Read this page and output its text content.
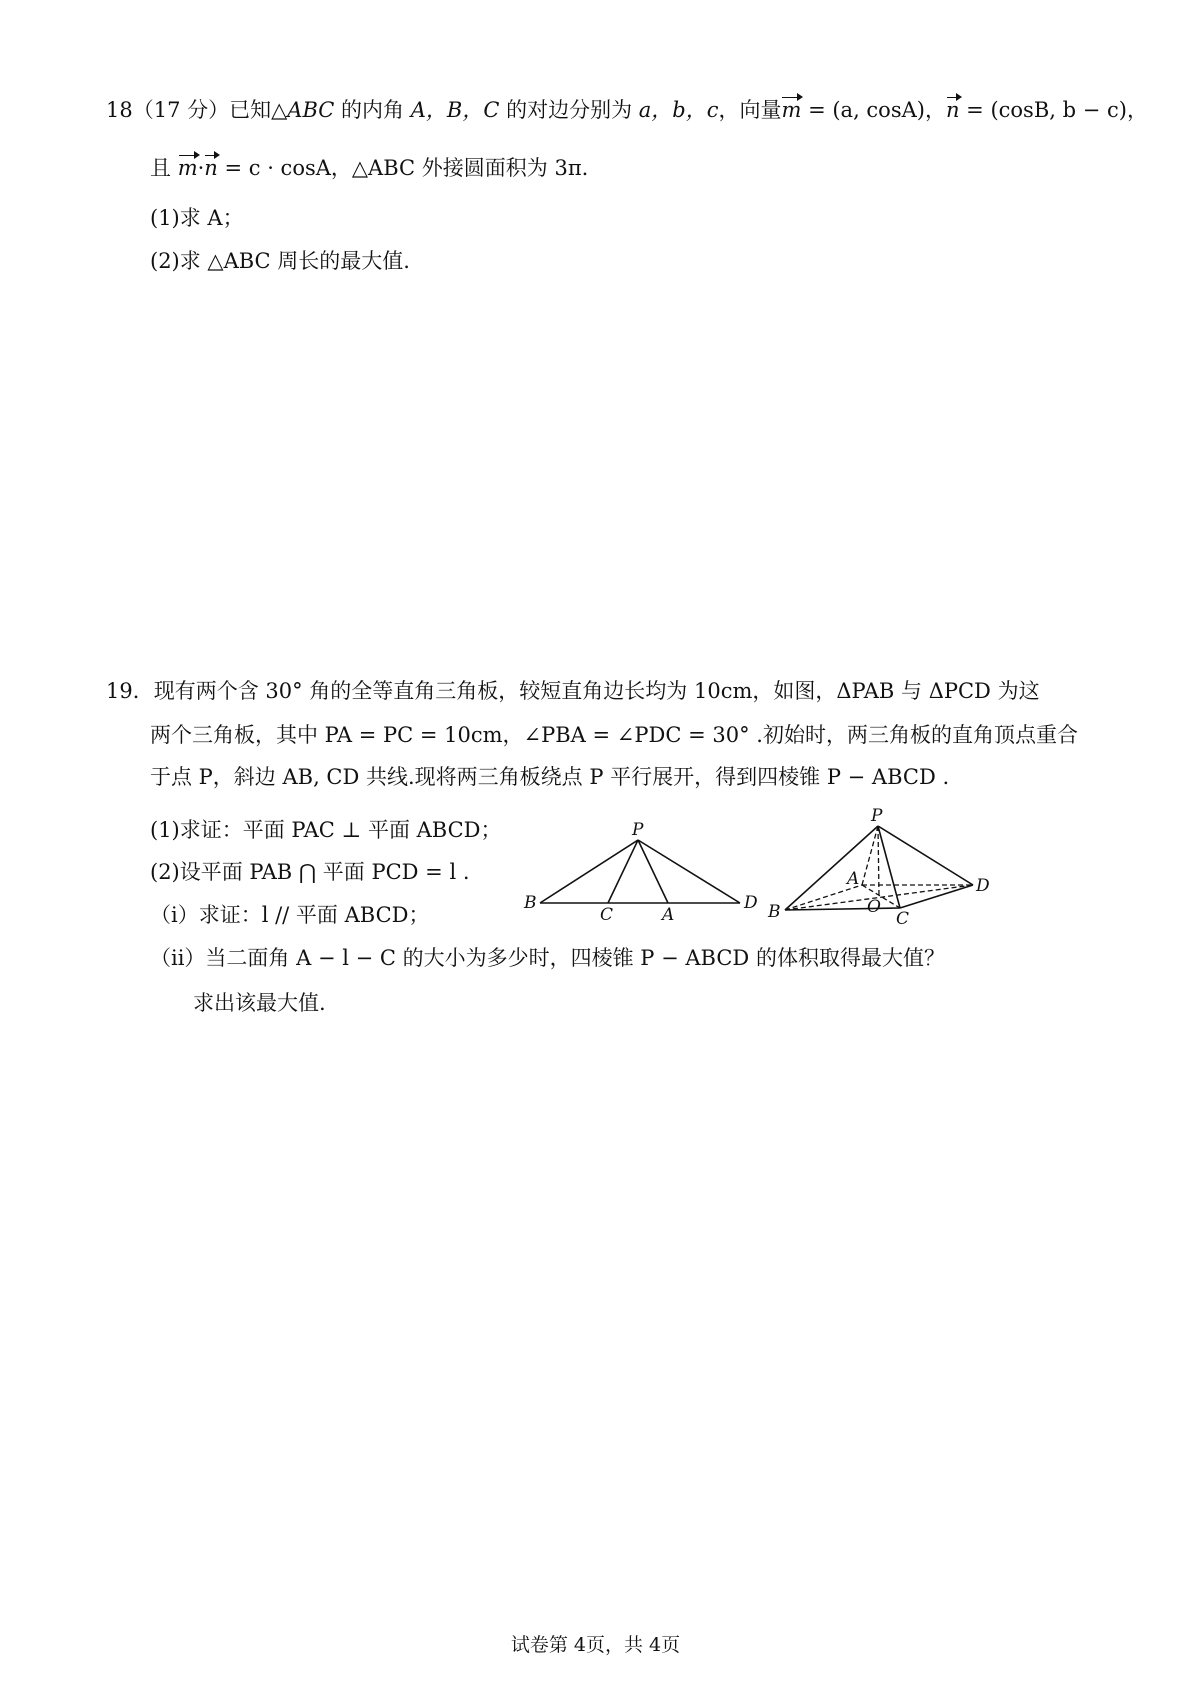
18（17 分）已知△ABC 的内角 A，B，C 的对边分别为 a，b，c，向量m = (a, cosA)，n = (cosB, b − c)，
且 m·n = c · cosA，△ABC 外接圆面积为 3π.
(1)求 A；
(2)求 △ABC 周长的最大值.
19．现有两个含 30° 角的全等直角三角板，较短直角边长均为 10cm，如图，ΔPAB 与 ΔPCD 为这
两个三角板，其中 PA = PC = 10cm，∠PBA = ∠PDC = 30° .初始时，两三角板的直角顶点重合
于点 P，斜边 AB, CD 共线.现将两三角板绕点 P 平行展开，得到四棱锥 P − ABCD .
(1)求证：平面 PAC ⊥ 平面 ABCD；
(2)设平面 PAB ⋂ 平面 PCD = l .
（i）求证：l // 平面 ABCD；
（ii）当二面角 A − l − C 的大小为多少时，四棱锥 P − ABCD 的体积取得最大值？
求出该最大值.
P
B
C	A
D
P
A	D
B	O
C
试卷第 4页，共 4页
